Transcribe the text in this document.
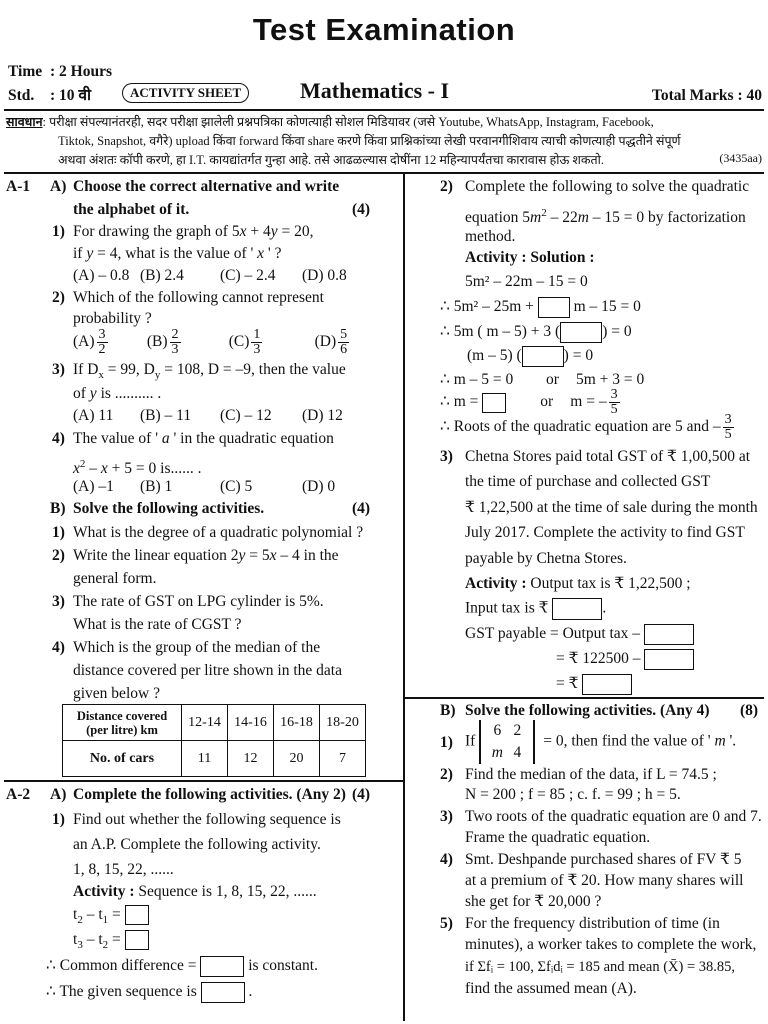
Test Examination
Time : 2 Hours
Std. : 10 वी	ACTIVITY SHEET	Mathematics - I	Total Marks : 40
सावधान: परीक्षा संपल्यानंतरही, सदर परीक्षा झालेली प्रश्नपत्रिका कोणत्याही सोशल मिडियावर (जसे Youtube, WhatsApp, Instagram, Facebook,
Tiktok, Snapshot, वगैरे) upload किंवा forward किंवा share करणे किंवा प्राश्निकांच्या लेखी परवानगीशिवाय त्याची कोणत्याही पद्धतीने संपूर्ण
अथवा अंशतः कॉपी करणे, हा I.T. कायद्यांतर्गत गुन्हा आहे. तसे आढळल्यास दोषींना 12 महिन्यापर्यंतचा कारावास होऊ शकतो.	(3435aa)
A-1 A) Choose the correct alternative and write
the alphabet of it.	(4)
1) For drawing the graph of 5x + 4y = 20,
if y = 4, what is the value of ' x ' ?
(A) – 0.8 (B) 2.4 (C) – 2.4 (D) 0.8
2) Which of the following cannot represent
probability ?
$(A) \frac{3}{2}$	$(B) \frac{2}{3}$	$(C) \frac{1}{3}$	$(D) \frac{5}{6}$
3) If $D_x = 99$, $D_y = 108$, D = –9, then the value
of y is .......... .
(A) 11 (B) – 11 (C) – 12 (D) 12
4) The value of ' a ' in the quadratic equation
$x^2 - x + 5 = 0$ is...... .
(A) –1 (B) 1	(C) 5	(D) 0
B) Solve the following activities.	(4)
1) What is the degree of a quadratic polynomial ?
2) Write the linear equation 2y = 5x – 4 in the
general form.
3) The rate of GST on LPG cylinder is 5%.
What is the rate of CGST ?
4) Which is the group of the median of the
distance covered per litre shown in the data
given below ?
Distance covered
(per litre) km	12-14	14-16	16-18	18-20
No. of cars	11	12	20	7
A-2 A) Complete the following activities. (Any 2) (4)
1) Find out whether the following sequence is
an A.P. Complete the following activity.
1, 8, 15, 22, ......
Activity : Sequence is 1, 8, 15, 22, ......
$t_2 - t_1$ =
$t_3 - t_2$ =
∴ Common difference =	is constant.
∴ The given sequence is	.
2) Complete the following to solve the quadratic
equation $5m^2 - 22m - 15 = 0$ by factorization
method.
Activity : Solution :
5m² – 22m – 15 = 0
∴ 5m² – 25m +	m – 15 = 0
∴ 5m ( m – 5) + 3 (	) = 0
(m – 5) (	) = 0
∴ m – 5 = 0 or 5m + 3 = 0
∴ m =	or m = – $\frac{3}{5}$
∴ Roots of the quadratic equation are 5 and – $\frac{3}{5}$
3) Chetna Stores paid total GST of ₹ 1,00,500 at
the time of purchase and collected GST
₹ 1,22,500 at the time of sale during the month
July 2017. Complete the activity to find GST
payable by Chetna Stores.
Activity : Output tax is ₹ 1,22,500 ;
Input tax is ₹	.
GST payable = Output tax –
= ₹ 122500 –
= ₹
B) Solve the following activities. (Any 4) (8)
1) If6 2
m 4 = 0, then find the value of ' m '.
2) Find the median of the data, if L = 74.5 ;
N = 200 ; f = 85 ; c. f. = 99 ; h = 5.
3) Two roots of the quadratic equation are 0 and 7.
Frame the quadratic equation.
4) Smt. Deshpande purchased shares of FV ₹ 5
at a premium of ₹ 20. How many shares will
she get for ₹ 20,000 ?
5) For the frequency distribution of time (in
minutes), a worker takes to complete the work,
if Σfᵢ = 100, Σfᵢdᵢ = 185 and mean (X̄) = 38.85,
find the assumed mean (A).
